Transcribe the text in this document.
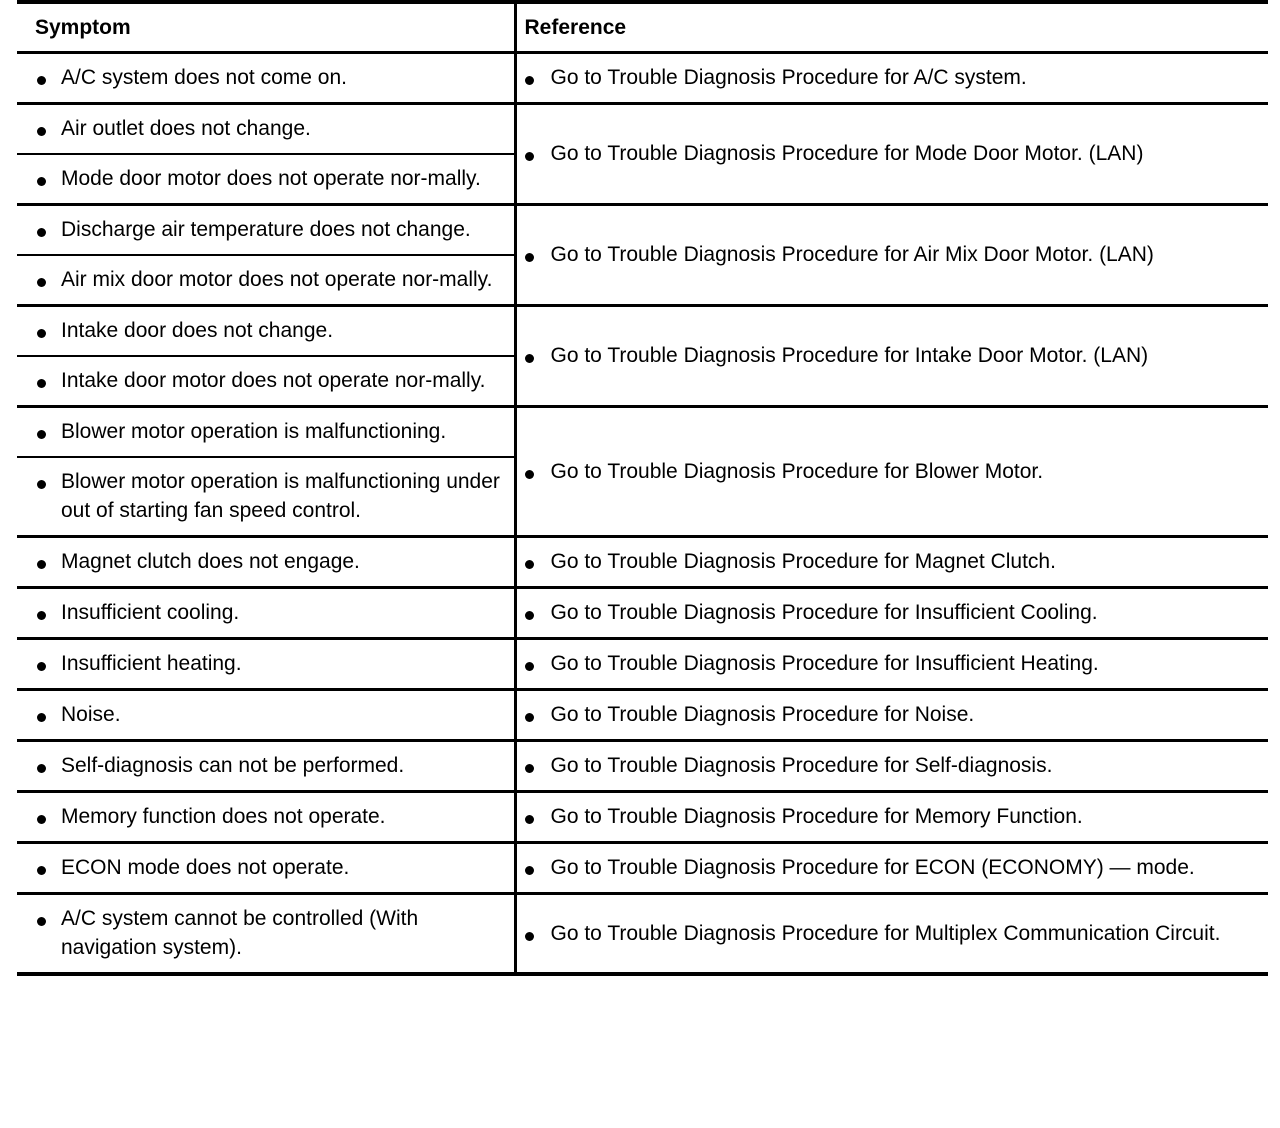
Symptom	Reference

A/C system does not come on.	Go to Trouble Diagnosis Procedure for A/C system.

Air outlet does not change.	Go to Trouble Diagnosis Procedure for Mode Door Motor. (LAN)

Mode door motor does not operate nor-mally.	

Discharge air temperature does not change.	Go to Trouble Diagnosis Procedure for Air Mix Door Motor. (LAN)

Air mix door motor does not operate nor-mally.	

Intake door does not change.	Go to Trouble Diagnosis Procedure for Intake Door Motor. (LAN)

Intake door motor does not operate nor-mally.	

Blower motor operation is malfunctioning.	Go to Trouble Diagnosis Procedure for Blower Motor.

Blower motor operation is malfunctioning under out of starting fan speed control.	

Magnet clutch does not engage.	Go to Trouble Diagnosis Procedure for Magnet Clutch.

Insufficient cooling.	Go to Trouble Diagnosis Procedure for Insufficient Cooling.

Insufficient heating.	Go to Trouble Diagnosis Procedure for Insufficient Heating.

Noise.	Go to Trouble Diagnosis Procedure for Noise.

Self-diagnosis can not be performed.	Go to Trouble Diagnosis Procedure for Self-diagnosis.

Memory function does not operate.	Go to Trouble Diagnosis Procedure for Memory Function.

ECON mode does not operate.	Go to Trouble Diagnosis Procedure for ECON (ECONOMY) — mode.

A/C system cannot be controlled (With navigation system).	Go to Trouble Diagnosis Procedure for Multiplex Communication Circuit.
